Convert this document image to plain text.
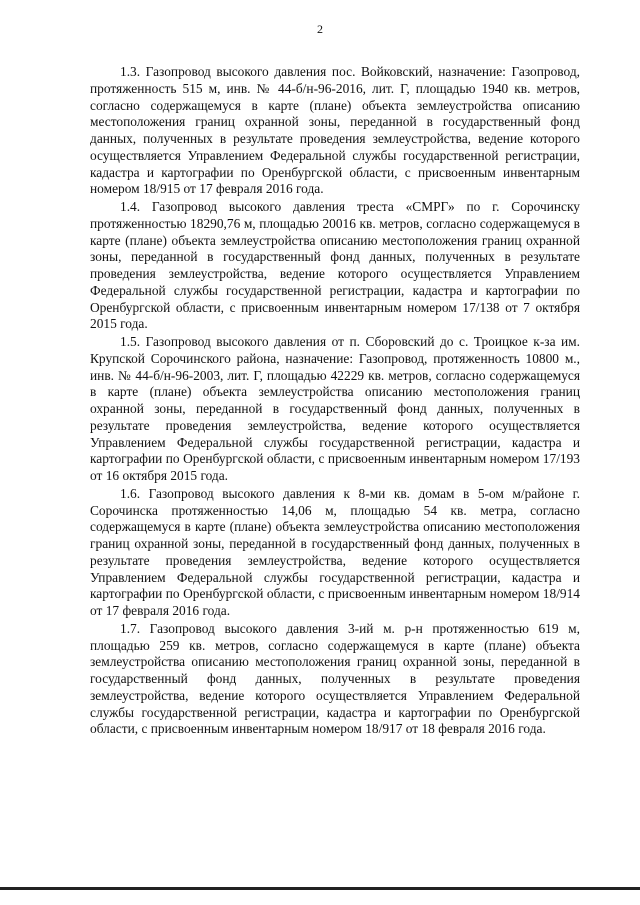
2

1.3. Газопровод высокого давления пос. Войковский, назначение: Газопровод, протяженность 515 м, инв. № 44-б/н-96-2016, лит. Г, площадью 1940 кв. метров, согласно содержащемуся в карте (плане) объекта землеустройства описанию местоположения границ охранной зоны, переданной в государственный фонд данных, полученных в результате проведения землеустройства, ведение которого осуществляется Управлением Федеральной службы государственной регистрации, кадастра и картографии по Оренбургской области, с присвоенным инвентарным номером 18/915 от 17 февраля 2016 года.

1.4. Газопровод высокого давления треста «СМРГ» по г. Сорочинску протяженностью 18290,76 м, площадью 20016 кв. метров, согласно содержащемуся в карте (плане) объекта землеустройства описанию местоположения границ охранной зоны, переданной в государственный фонд данных, полученных в результате проведения землеустройства, ведение которого осуществляется Управлением Федеральной службы государственной регистрации, кадастра и картографии по Оренбургской области, с присвоенным инвентарным номером 17/138 от 7 октября 2015 года.

1.5. Газопровод высокого давления от п. Сборовский до с. Троицкое к-за им. Крупской Сорочинского района, назначение: Газопровод, протяженность 10800 м., инв. № 44-б/н-96-2003, лит. Г, площадью 42229 кв. метров, согласно содержащемуся в карте (плане) объекта землеустройства описанию местоположения границ охранной зоны, переданной в государственный фонд данных, полученных в результате проведения землеустройства, ведение которого осуществляется Управлением Федеральной службы государственной регистрации, кадастра и картографии по Оренбургской области, с присвоенным инвентарным номером 17/193 от 16 октября 2015 года.

1.6. Газопровод высокого давления к 8-ми кв. домам в 5-ом м/районе г. Сорочинска протяженностью 14,06 м, площадью 54 кв. метра, согласно содержащемуся в карте (плане) объекта землеустройства описанию местоположения границ охранной зоны, переданной в государственный фонд данных, полученных в результате проведения землеустройства, ведение которого осуществляется Управлением Федеральной службы государственной регистрации, кадастра и картографии по Оренбургской области, с присвоенным инвентарным номером 18/914 от 17 февраля 2016 года.

1.7. Газопровод высокого давления 3-ий м. р-н протяженностью 619 м, площадью 259 кв. метров, согласно содержащемуся в карте (плане) объекта землеустройства описанию местоположения границ охранной зоны, переданной в государственный фонд данных, полученных в результате проведения землеустройства, ведение которого осуществляется Управлением Федеральной службы государственной регистрации, кадастра и картографии по Оренбургской области, с присвоенным инвентарным номером 18/917 от 18 февраля 2016 года.
